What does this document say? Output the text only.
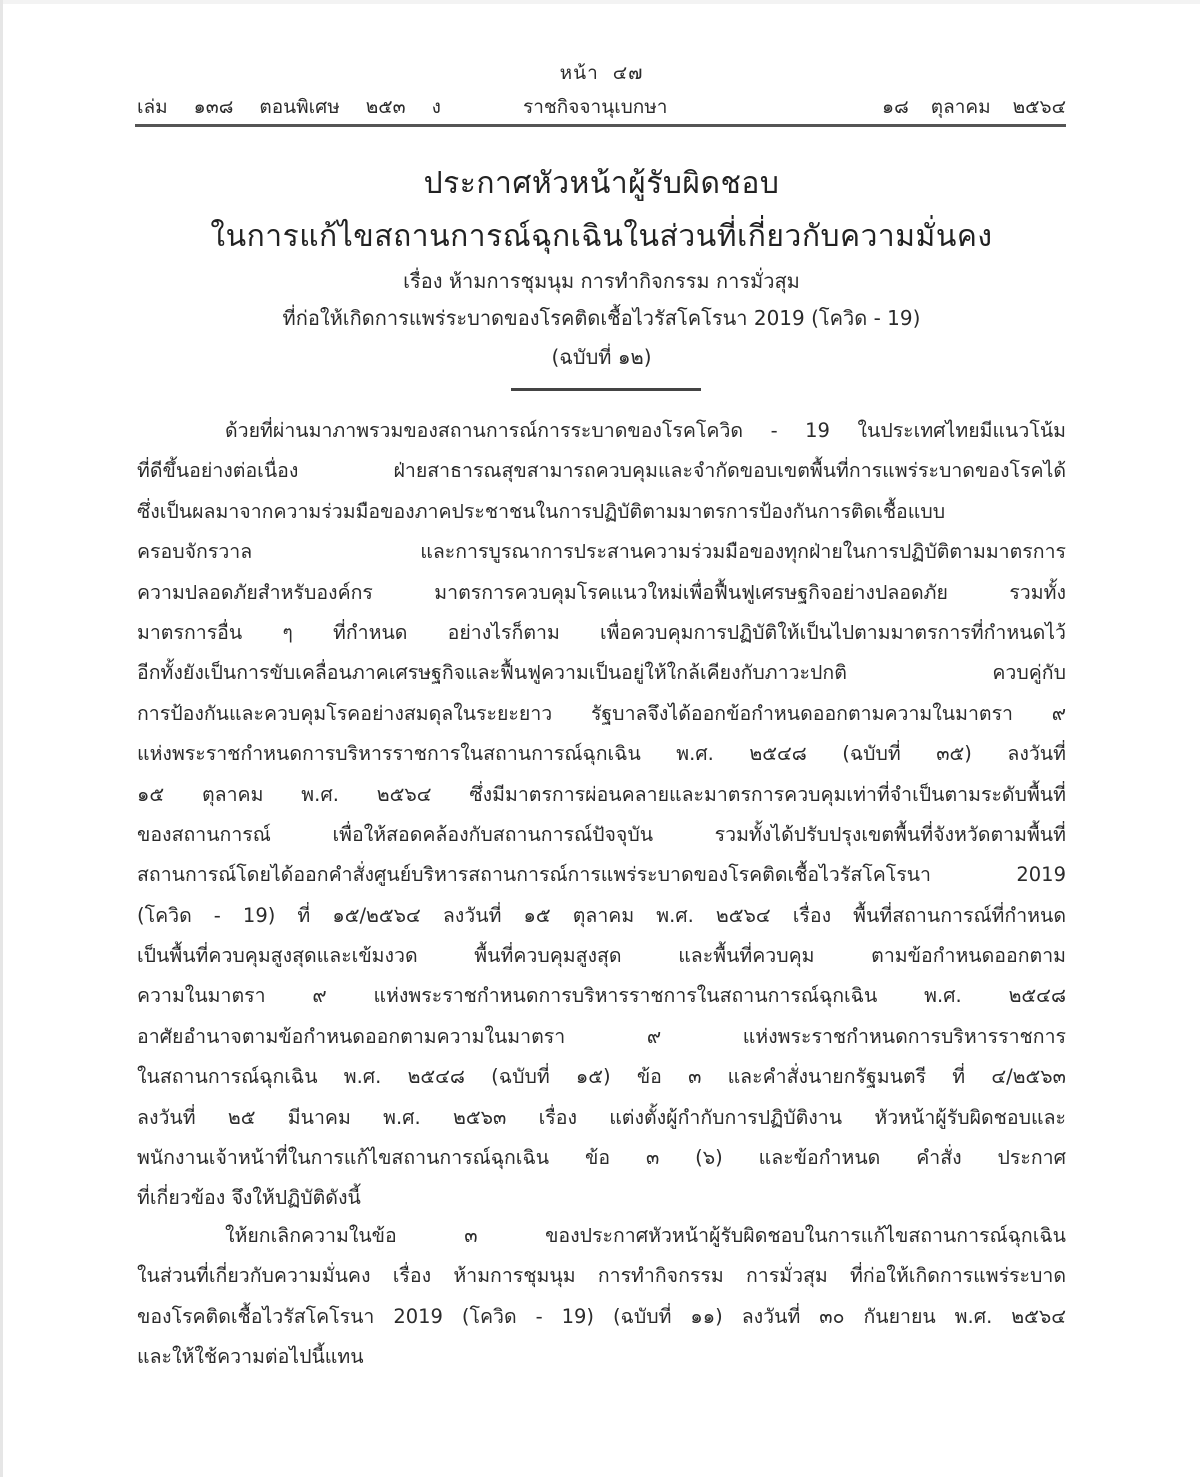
หน้า ๔๗
เล่ม ๑๓๘ ตอนพิเศษ ๒๕๓ ง	ราชกิจจานุเบกษา	๑๘ ตุลาคม ๒๕๖๔
ประกาศหัวหน้าผู้รับผิดชอบ
ในการแก้ไขสถานการณ์ฉุกเฉินในส่วนที่เกี่ยวกับความมั่นคง
เรื่อง ห้ามการชุมนุม การทำกิจกรรม การมั่วสุม
ที่ก่อให้เกิดการแพร่ระบาดของโรคติดเชื้อไวรัสโคโรนา 2019 (โควิด - 19)
(ฉบับที่ ๑๒)
ด้วยที่ผ่านมาภาพรวมของสถานการณ์การระบาดของโรคโควิด - 19 ในประเทศไทยมีแนวโน้ม
ที่ดีขึ้นอย่างต่อเนื่อง ฝ่ายสาธารณสุขสามารถควบคุมและจำกัดขอบเขตพื้นที่การแพร่ระบาดของโรคได้
ซึ่งเป็นผลมาจากความร่วมมือของภาคประชาชนในการปฏิบัติตามมาตรการป้องกันการติดเชื้อแบบ
ครอบจักรวาล และการบูรณาการประสานความร่วมมือของทุกฝ่ายในการปฏิบัติตามมาตรการ
ความปลอดภัยสำหรับองค์กร มาตรการควบคุมโรคแนวใหม่เพื่อฟื้นฟูเศรษฐกิจอย่างปลอดภัย รวมทั้ง
มาตรการอื่น ๆ ที่กำหนด อย่างไรก็ตาม เพื่อควบคุมการปฏิบัติให้เป็นไปตามมาตรการที่กำหนดไว้
อีกทั้งยังเป็นการขับเคลื่อนภาคเศรษฐกิจและฟื้นฟูความเป็นอยู่ให้ใกล้เคียงกับภาวะปกติ ควบคู่กับ
การป้องกันและควบคุมโรคอย่างสมดุลในระยะยาว รัฐบาลจึงได้ออกข้อกำหนดออกตามความในมาตรา ๙
แห่งพระราชกำหนดการบริหารราชการในสถานการณ์ฉุกเฉิน พ.ศ. ๒๕๔๘ (ฉบับที่ ๓๕) ลงวันที่
๑๕ ตุลาคม พ.ศ. ๒๕๖๔ ซึ่งมีมาตรการผ่อนคลายและมาตรการควบคุมเท่าที่จำเป็นตามระดับพื้นที่
ของสถานการณ์ เพื่อให้สอดคล้องกับสถานการณ์ปัจจุบัน รวมทั้งได้ปรับปรุงเขตพื้นที่จังหวัดตามพื้นที่
สถานการณ์โดยได้ออกคำสั่งศูนย์บริหารสถานการณ์การแพร่ระบาดของโรคติดเชื้อไวรัสโคโรนา 2019
(โควิด - 19) ที่ ๑๕/๒๕๖๔ ลงวันที่ ๑๕ ตุลาคม พ.ศ. ๒๕๖๔ เรื่อง พื้นที่สถานการณ์ที่กำหนด
เป็นพื้นที่ควบคุมสูงสุดและเข้มงวด พื้นที่ควบคุมสูงสุด และพื้นที่ควบคุม ตามข้อกำหนดออกตาม
ความในมาตรา ๙ แห่งพระราชกำหนดการบริหารราชการในสถานการณ์ฉุกเฉิน พ.ศ. ๒๕๔๘
อาศัยอำนาจตามข้อกำหนดออกตามความในมาตรา ๙ แห่งพระราชกำหนดการบริหารราชการ
ในสถานการณ์ฉุกเฉิน พ.ศ. ๒๕๔๘ (ฉบับที่ ๑๕) ข้อ ๓ และคำสั่งนายกรัฐมนตรี ที่ ๔/๒๕๖๓
ลงวันที่ ๒๕ มีนาคม พ.ศ. ๒๕๖๓ เรื่อง แต่งตั้งผู้กำกับการปฏิบัติงาน หัวหน้าผู้รับผิดชอบและ
พนักงานเจ้าหน้าที่ในการแก้ไขสถานการณ์ฉุกเฉิน ข้อ ๓ (๖) และข้อกำหนด คำสั่ง ประกาศ
ที่เกี่ยวข้อง จึงให้ปฏิบัติดังนี้
ให้ยกเลิกความในข้อ ๓ ของประกาศหัวหน้าผู้รับผิดชอบในการแก้ไขสถานการณ์ฉุกเฉิน
ในส่วนที่เกี่ยวกับความมั่นคง เรื่อง ห้ามการชุมนุม การทำกิจกรรม การมั่วสุม ที่ก่อให้เกิดการแพร่ระบาด
ของโรคติดเชื้อไวรัสโคโรนา 2019 (โควิด - 19) (ฉบับที่ ๑๑) ลงวันที่ ๓๐ กันยายน พ.ศ. ๒๕๖๔
และให้ใช้ความต่อไปนี้แทน
